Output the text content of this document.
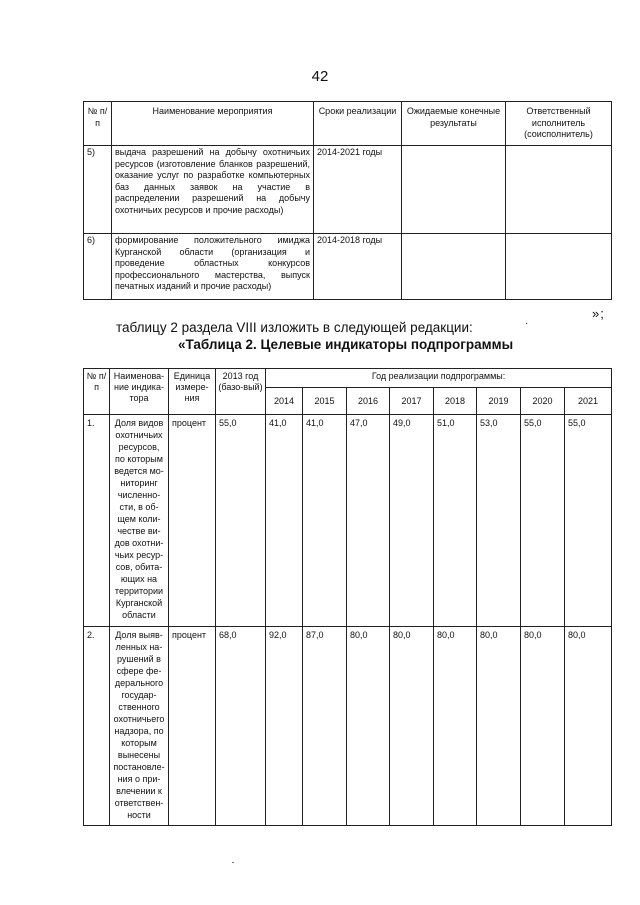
42
№ п/п	Наименование мероприятия	Сроки реализации	Ожидаемые конечные результаты	Ответственный исполнитель (соисполнитель)
5)	выдача разрешений на добычу охотничьих ресурсов (изготовление бланков разрешений, оказание услуг по разработке компьютерных баз данных заявок на участие в распределении разрешений на добычу охотничьих ресурсов и прочие расходы)	2014-2021 годы		
6)	формирование положительного имиджа Курганской области (организация и проведение областных конкурсов профессионального мастерства, выпуск печатных изданий и прочие расходы)	2014-2018 годы		
»;
таблицу 2 раздела VIII изложить в следующей редакции:	·
«Таблица 2. Целевые индикаторы подпрограммы
№ п/п	Наименова-ние индика-тора	Единица измере-ния	2013 год (базо-вый)	Год реализации подпрограммы:							
				2014	2015	2016	2017	2018	2019	2020	2021
1.	Доля видов охотничьих ресурсов, по которым ведется мо-ниторинг численно-сти, в об-щем коли-честве ви-дов охотни-чьих ресур-сов, обита-ющих на территории Курганской области	процент	55,0	41,0	41,0	47,0	49,0	51,0	53,0	55,0	55,0
2.	Доля выяв-ленных на-рушений в сфере фе-дерального государ-ственного охотничьего надзора, по которым вынесены постановле-ния о при-влечении к ответствен-ности	процент	68,0	92,0	87,0	80,0	80,0	80,0	80,0	80,0	80,0
